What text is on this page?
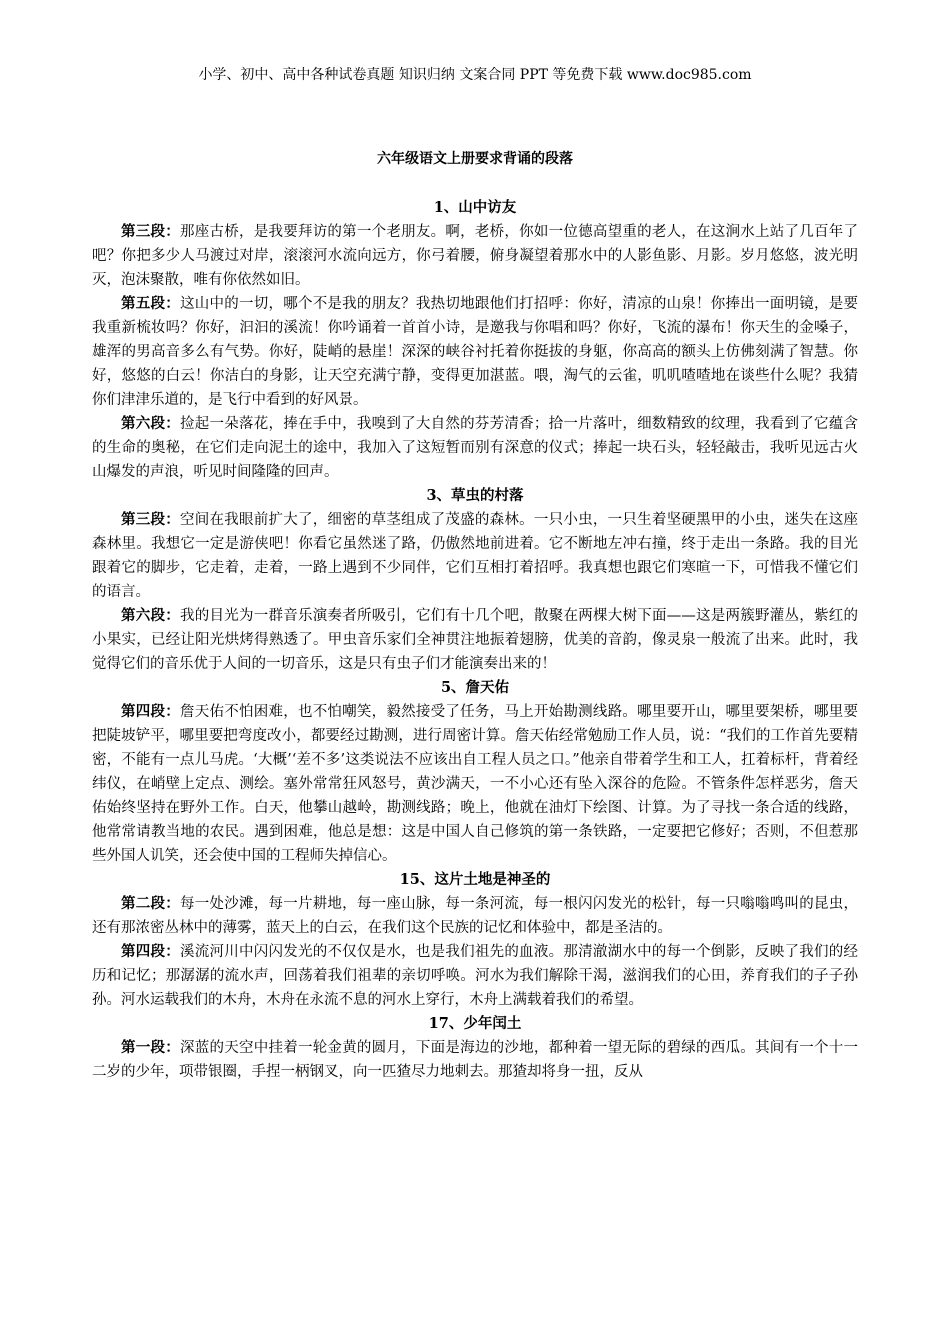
小学、初中、高中各种试卷真题 知识归纳 文案合同 PPT 等免费下载 www.doc985.com
六年级语文上册要求背诵的段落
1、山中访友

第三段：那座古桥，是我要拜访的第一个老朋友。啊，老桥，你如一位德高望重的老人，在这涧水上站了几百年了吧？你把多少人马渡过对岸，滚滚河水流向远方，你弓着腰，俯身凝望着那水中的人影鱼影、月影。岁月悠悠，波光明灭，泡沫聚散，唯有你依然如旧。

第五段：这山中的一切，哪个不是我的朋友？我热切地跟他们打招呼：你好，清凉的山泉！你捧出一面明镜，是要我重新梳妆吗？你好，汩汩的溪流！你吟诵着一首首小诗，是邀我与你唱和吗？你好，飞流的瀑布！你天生的金嗓子，雄浑的男高音多么有气势。你好，陡峭的悬崖！深深的峡谷衬托着你挺拔的身躯，你高高的额头上仿佛刻满了智慧。你好，悠悠的白云！你洁白的身影，让天空充满宁静，变得更加湛蓝。喂，淘气的云雀，叽叽喳喳地在谈些什么呢？我猜你们津津乐道的，是飞行中看到的好风景。

第六段：捡起一朵落花，捧在手中，我嗅到了大自然的芬芳清香；拾一片落叶，细数精致的纹理，我看到了它蕴含的生命的奥秘，在它们走向泥土的途中，我加入了这短暂而别有深意的仪式；捧起一块石头，轻轻敲击，我听见远古火山爆发的声浪，听见时间隆隆的回声。

3、草虫的村落

第三段：空间在我眼前扩大了，细密的草茎组成了茂盛的森林。一只小虫，一只生着坚硬黑甲的小虫，迷失在这座森林里。我想它一定是游侠吧！你看它虽然迷了路，仍傲然地前进着。它不断地左冲右撞，终于走出一条路。我的目光跟着它的脚步，它走着，走着，一路上遇到不少同伴，它们互相打着招呼。我真想也跟它们寒暄一下，可惜我不懂它们的语言。

第六段：我的目光为一群音乐演奏者所吸引，它们有十几个吧，散聚在两棵大树下面——这是两簇野灌丛，紫红的小果实，已经让阳光烘烤得熟透了。甲虫音乐家们全神贯注地振着翅膀，优美的音韵，像灵泉一般流了出来。此时，我觉得它们的音乐优于人间的一切音乐，这是只有虫子们才能演奏出来的！

5、詹天佑

第四段：詹天佑不怕困难，也不怕嘲笑，毅然接受了任务，马上开始勘测线路。哪里要开山，哪里要架桥，哪里要把陡坡铲平，哪里要把弯度改小，都要经过勘测，进行周密计算。詹天佑经常勉励工作人员，说：“我们的工作首先要精密，不能有一点儿马虎。‘大概’‘差不多’这类说法不应该出自工程人员之口。”他亲自带着学生和工人，扛着标杆，背着经纬仪，在峭壁上定点、测绘。塞外常常狂风怒号，黄沙满天，一不小心还有坠入深谷的危险。不管条件怎样恶劣，詹天佑始终坚持在野外工作。白天，他攀山越岭，勘测线路；晚上，他就在油灯下绘图、计算。为了寻找一条合适的线路，他常常请教当地的农民。遇到困难，他总是想：这是中国人自己修筑的第一条铁路，一定要把它修好；否则，不但惹那些外国人讥笑，还会使中国的工程师失掉信心。

15、这片土地是神圣的

第二段：每一处沙滩，每一片耕地，每一座山脉，每一条河流，每一根闪闪发光的松针，每一只嗡嗡鸣叫的昆虫，还有那浓密丛林中的薄雾，蓝天上的白云，在我们这个民族的记忆和体验中，都是圣洁的。

第四段：溪流河川中闪闪发光的不仅仅是水，也是我们祖先的血液。那清澈湖水中的每一个倒影，反映了我们的经历和记忆；那潺潺的流水声，回荡着我们祖辈的亲切呼唤。河水为我们解除干渴，滋润我们的心田，养育我们的子子孙孙。河水运载我们的木舟，木舟在永流不息的河水上穿行，木舟上满载着我们的希望。

17、少年闰土

第一段：深蓝的天空中挂着一轮金黄的圆月，下面是海边的沙地，都种着一望无际的碧绿的西瓜。其间有一个十一二岁的少年，项带银圈，手捏一柄钢叉，向一匹猹尽力地刺去。那猹却将身一扭，反从
